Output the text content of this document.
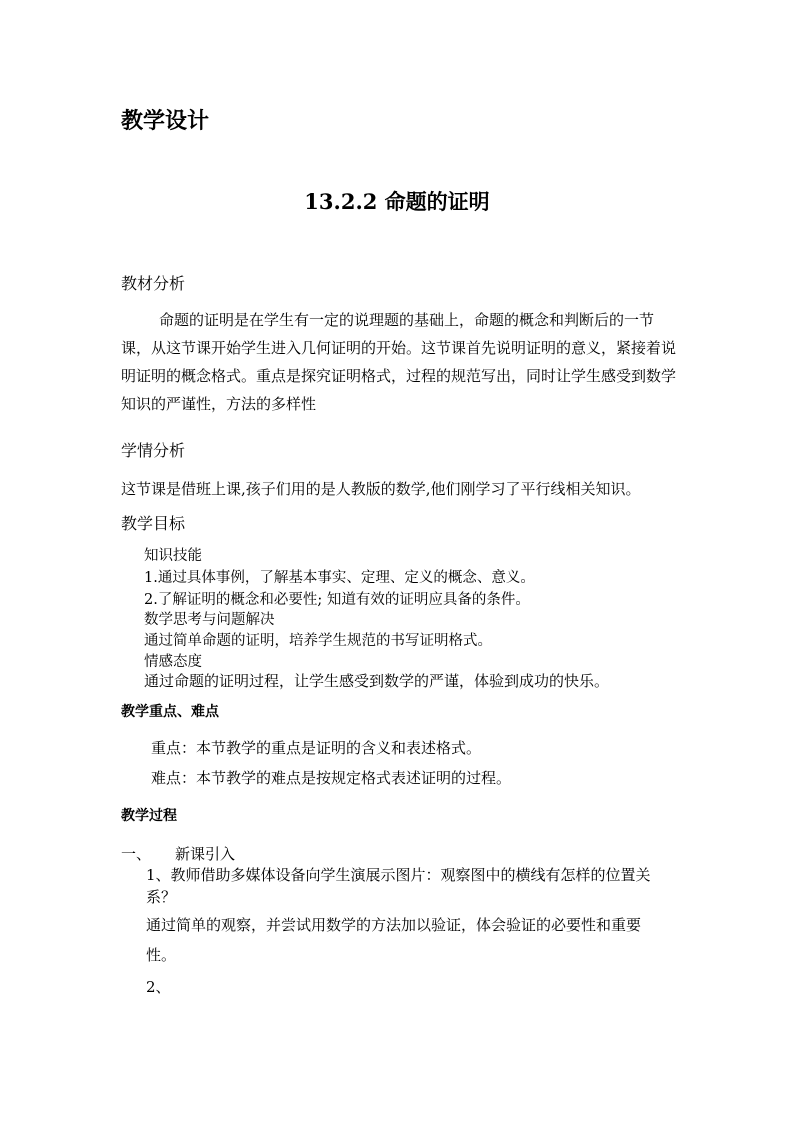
教学设计
13.2.2 命题的证明
教材分析
命题的证明是在学生有一定的说理题的基础上，命题的概念和判断后的一节课，从这节课开始学生进入几何证明的开始。这节课首先说明证明的意义，紧接着说明证明的概念格式。重点是探究证明格式，过程的规范写出，同时让学生感受到数学知识的严谨性，方法的多样性
学情分析
这节课是借班上课,孩子们用的是人教版的数学,他们刚学习了平行线相关知识。
教学目标
知识技能
1.通过具体事例，了解基本事实、定理、定义的概念、意义。
2.了解证明的概念和必要性; 知道有效的证明应具备的条件。
数学思考与问题解决
通过简单命题的证明，培养学生规范的书写证明格式。
情感态度
通过命题的证明过程，让学生感受到数学的严谨，体验到成功的快乐。
教学重点、难点
重点：本节教学的重点是证明的含义和表述格式。
难点：本节教学的难点是按规定格式表述证明的过程。
教学过程
一、 新课引入
1、教师借助多媒体设备向学生演展示图片：观察图中的横线有怎样的位置关系？
通过简单的观察，并尝试用数学的方法加以验证，体会验证的必要性和重要
性。
2、
